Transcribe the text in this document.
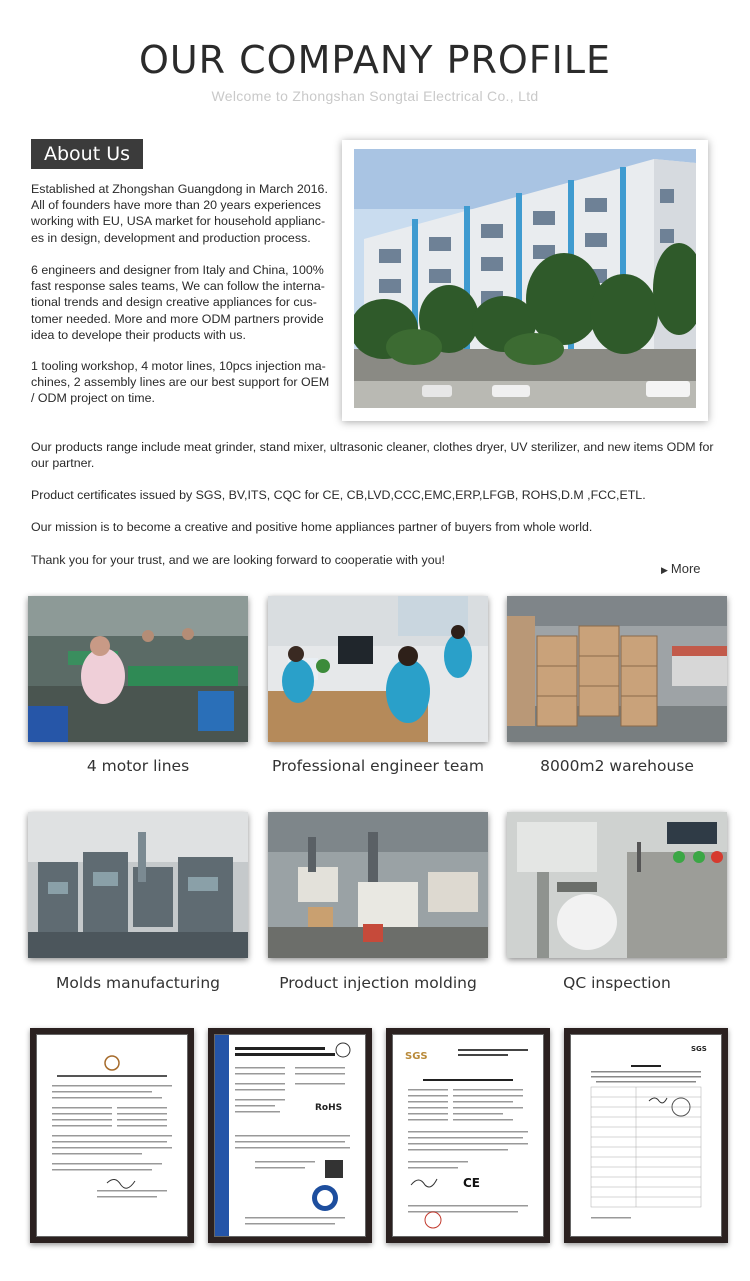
OUR COMPANY PROFILE
Welcome to Zhongshan Songtai Electrical Co., Ltd
About Us

Established at Zhongshan Guangdong in March 2016.
All of founders have more than 20 years experiences
working with EU, USA market for household applianc-
es in design, development and production process.

6 engineers and designer from Italy and China, 100%
fast response sales teams, We can follow the interna-
tional trends and design creative appliances for cus-
tomer needed. More and more ODM partners provide
idea to develope their products with us.

1 tooling workshop, 4 motor lines, 10pcs injection ma-
chines, 2 assembly lines are our best support for OEM
/ ODM project on time.

Our products range include meat grinder, stand mixer, ultrasonic cleaner, clothes dryer, UV sterilizer, and new items ODM for our partner.

Product certificates issued by SGS, BV,ITS, CQC for CE, CB,LVD,CCC,EMC,ERP,LFGB, ROHS,D.M ,FCC,ETL.

Our mission is to become a creative and positive home appliances partner of buyers from whole world.

Thank you for your trust, and we are looking forward to cooperatie with you!

▶ More
4 motor lines	Professional engineer team	8000m2 warehouse
Molds manufacturing	Product injection molding	QC inspection
RoHS
SGS
CE
SGS
